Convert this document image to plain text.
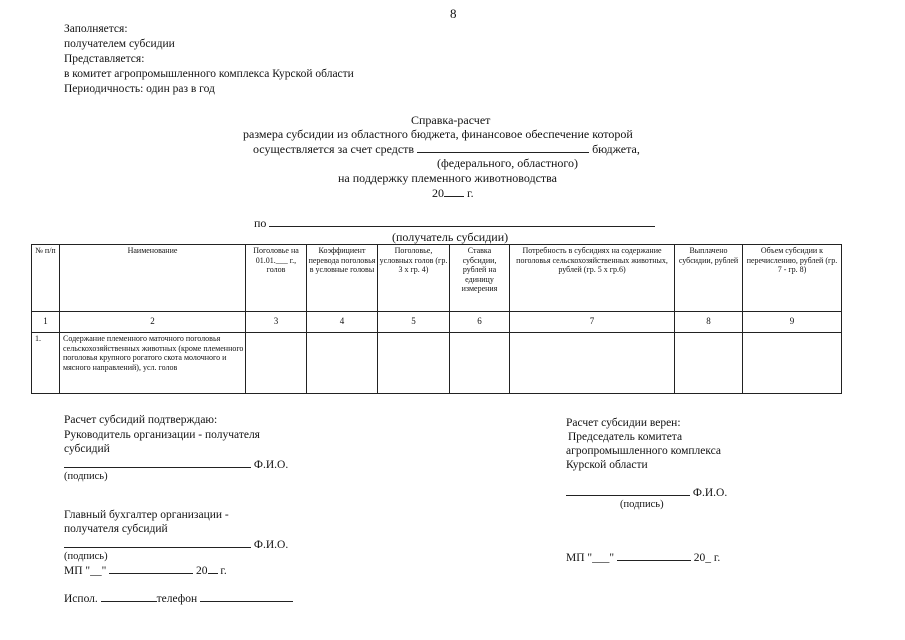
8
Заполняется:
получателем субсидии
Представляется:
в комитет агропромышленного комплекса Курской области
Периодичность: один раз в год
Справка-расчет
размера субсидии из областного бюджета, финансовое обеспечение которой
осуществляется за счет средств	бюджета,
(федерального, областного)
на поддержку племенного животноводства
20 г.
по
(получатель субсидии)
№ п/п	Наименование	Поголовье на 01.01.___ г., голов	Коэффициент перевода поголовья в условные головы	Поголовье, условных голов (гр. 3 x гр. 4)	Ставка субсидии, рублей на единицу измерения	Потребность в субсидиях на содержание поголовья сельскохозяйственных животных, рублей (гр. 5 x гр.6)	Выплачено субсидии, рублей	Объем субсидии к перечислению, рублей (гр. 7 - гр. 8)
1	2	3	4	5	6	7	8	9
1.	Содержание племенного маточного поголовья сельскохозяйственных животных (кроме племенного поголовья крупного рогатого скота молочного и мясного направлений), усл. голов							
Расчет субсидий подтверждаю:
Руководитель организации - получателя
субсидий
Ф.И.О.
(подпись)
Главный бухгалтер организации -
получателя субсидий
Ф.И.О.
(подпись)
МП "__"	20 г.
Испол.	телефон
Расчет субсидии верен:
Председатель комитета
агропромышленного комплекса
Курской области
Ф.И.О.
(подпись)
МП "___"	20_ г.
